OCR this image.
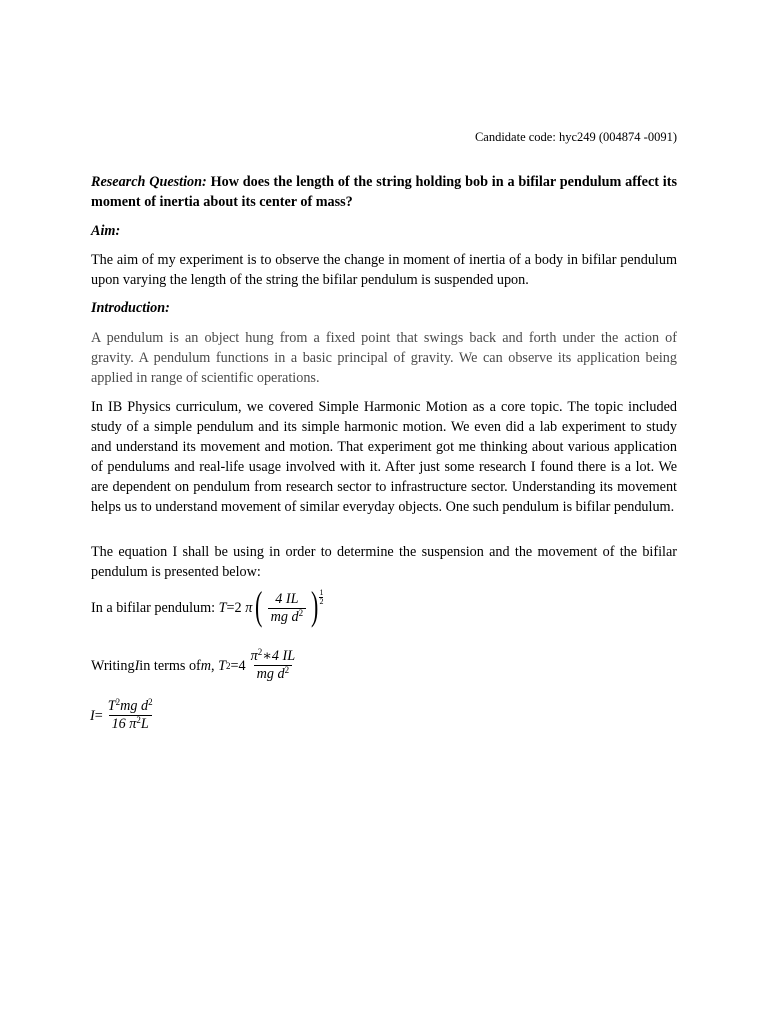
Candidate code: hyc249 (004874 -0091)
Research Question: How does the length of the string holding bob in a bifilar pendulum affect its moment of inertia about its center of mass?
Aim:
The aim of my experiment is to observe the change in moment of inertia of a body in bifilar pendulum upon varying the length of the string the bifilar pendulum is suspended upon.
Introduction:
A pendulum is an object hung from a fixed point that swings back and forth under the action of gravity. A pendulum functions in a basic principal of gravity. We can observe its application being applied in range of scientific operations.
In IB Physics curriculum, we covered Simple Harmonic Motion as a core topic. The topic included study of a simple pendulum and its simple harmonic motion. We even did a lab experiment to study and understand its movement and motion. That experiment got me thinking about various application of pendulums and real-life usage involved with it. After just some research I found there is a lot. We are dependent on pendulum from research sector to infrastructure sector. Understanding its movement helps us to understand movement of similar everyday objects. One such pendulum is bifilar pendulum.
The equation I shall be using in order to determine the suspension and the movement of the bifilar pendulum is presented below:
In a bifilar pendulum:
T =2
π ( $\frac{4 IL}{mg d^2}$ ) $\frac{1}{2}$
Writing I in terms of m ,
T $2 =4 \frac{\pi^2∗4 IL}{mg d^2}$
$I = \frac{T^2mg d^2}{16 \pi^2L}$
